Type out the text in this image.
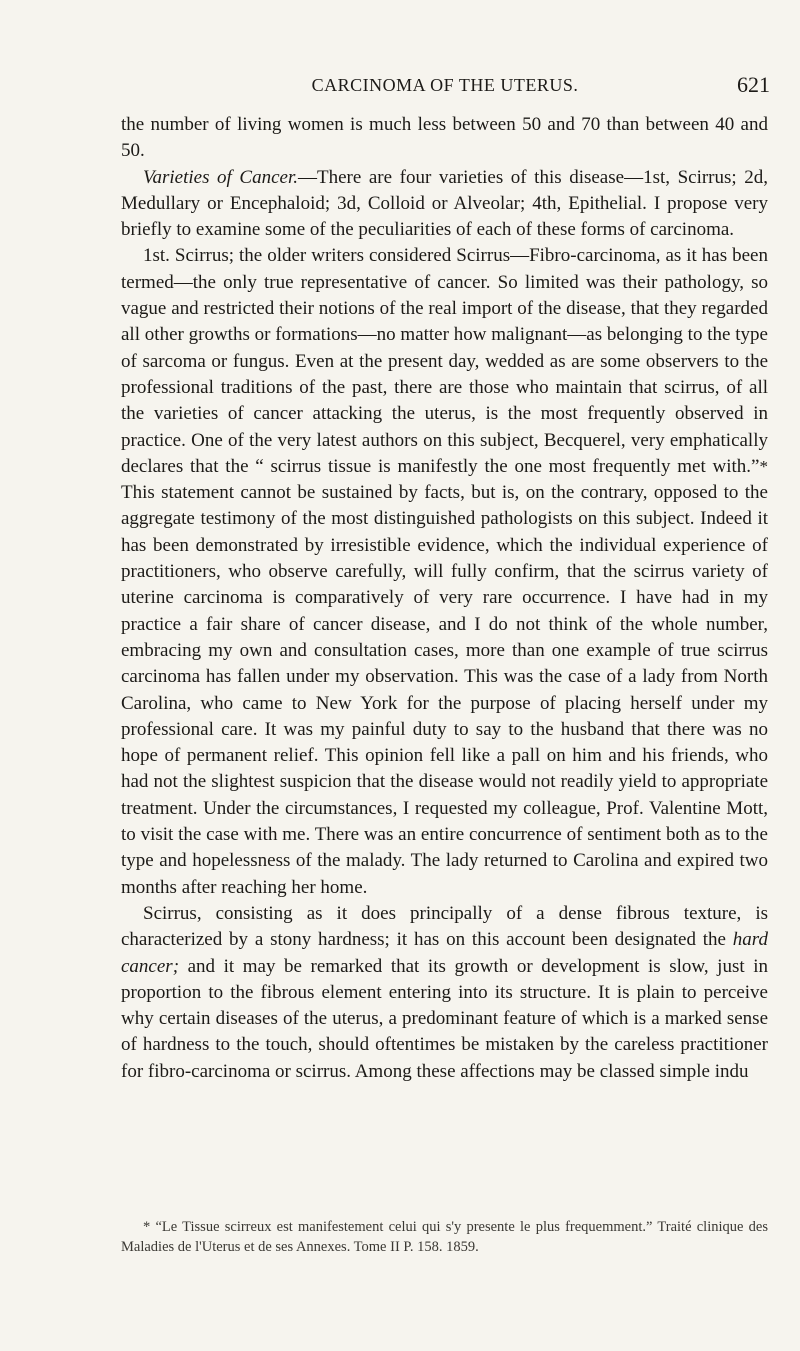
CARCINOMA OF THE UTERUS.	621

the number of living women is much less between 50 and 70 than between 40 and 50.

Varieties of Cancer.—There are four varieties of this disease—1st, Scirrus; 2d, Medullary or Encephaloid; 3d, Colloid or Alveolar; 4th, Epithelial. I propose very briefly to examine some of the peculiarities of each of these forms of carcinoma.

1st. Scirrus; the older writers considered Scirrus—Fibro-carcinoma, as it has been termed—the only true representative of cancer. So limited was their pathology, so vague and restricted their notions of the real import of the disease, that they regarded all other growths or formations—no matter how malignant—as belonging to the type of sarcoma or fungus. Even at the present day, wedded as are some observers to the professional traditions of the past, there are those who maintain that scirrus, of all the varieties of cancer attacking the uterus, is the most frequently observed in practice. One of the very latest authors on this subject, Becquerel, very emphatically declares that the “ scirrus tissue is manifestly the one most frequently met with.”* This statement cannot be sustained by facts, but is, on the contrary, opposed to the aggregate testimony of the most distinguished pathologists on this subject. Indeed it has been demonstrated by irresistible evidence, which the individual experience of practitioners, who observe carefully, will fully confirm, that the scirrus variety of uterine carcinoma is comparatively of very rare occurrence. I have had in my practice a fair share of cancer disease, and I do not think of the whole number, embracing my own and consultation cases, more than one example of true scirrus carcinoma has fallen under my observation. This was the case of a lady from North Carolina, who came to New York for the purpose of placing herself under my professional care. It was my painful duty to say to the husband that there was no hope of permanent relief. This opinion fell like a pall on him and his friends, who had not the slightest suspicion that the disease would not readily yield to appropriate treatment. Under the circumstances, I requested my colleague, Prof. Valentine Mott, to visit the case with me. There was an entire concurrence of sentiment both as to the type and hopelessness of the malady. The lady returned to Carolina and expired two months after reaching her home.

Scirrus, consisting as it does principally of a dense fibrous texture, is characterized by a stony hardness; it has on this account been designated the hard cancer; and it may be remarked that its growth or development is slow, just in proportion to the fibrous element entering into its structure. It is plain to perceive why certain diseases of the uterus, a predominant feature of which is a marked sense of hardness to the touch, should oftentimes be mistaken by the careless practitioner for fibro-carcinoma or scirrus. Among these affections may be classed simple indu

* “Le Tissue scirreux est manifestement celui qui s'y presente le plus frequemment.” Traité clinique des Maladies de l'Uterus et de ses Annexes. Tome II P. 158. 1859.
